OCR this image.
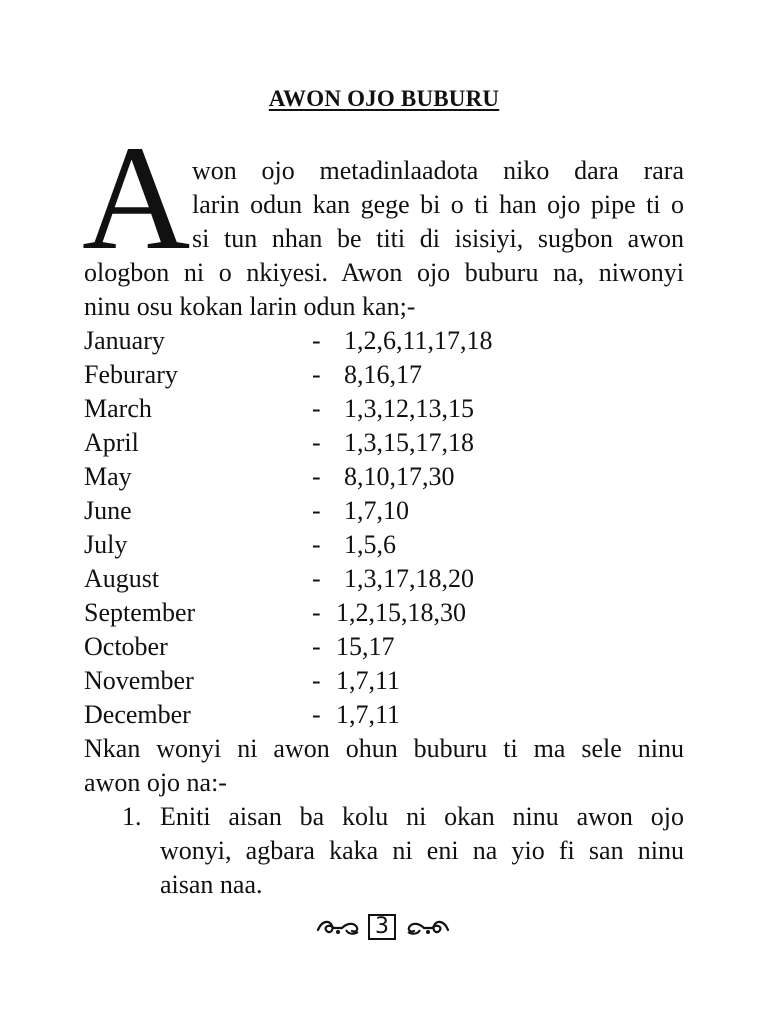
AWON OJO BUBURU
A won ojo metadinlaadota niko dara rara
larin odun kan gege bi o ti han ojo pipe ti o
si tun nhan be titi di isisiyi, sugbon awon
ologbon ni o nkiyesi. Awon ojo buburu na, niwonyi
ninu osu kokan larin odun kan;-
January	- 1,2,6,11,17,18
Feburary	- 8,16,17
March	- 1,3,12,13,15
April	- 1,3,15,17,18
May	- 8,10,17,30
June	- 1,7,10
July	- 1,5,6
August	- 1,3,17,18,20
September	- 1,2,15,18,30
October	- 15,17
November	- 1,7,11
December	- 1,7,11
Nkan wonyi ni awon ohun buburu ti ma sele ninu
awon ojo na:-
1. Eniti aisan ba kolu ni okan ninu awon ojo
wonyi, agbara kaka ni eni na yio fi san ninu
aisan naa.
3
